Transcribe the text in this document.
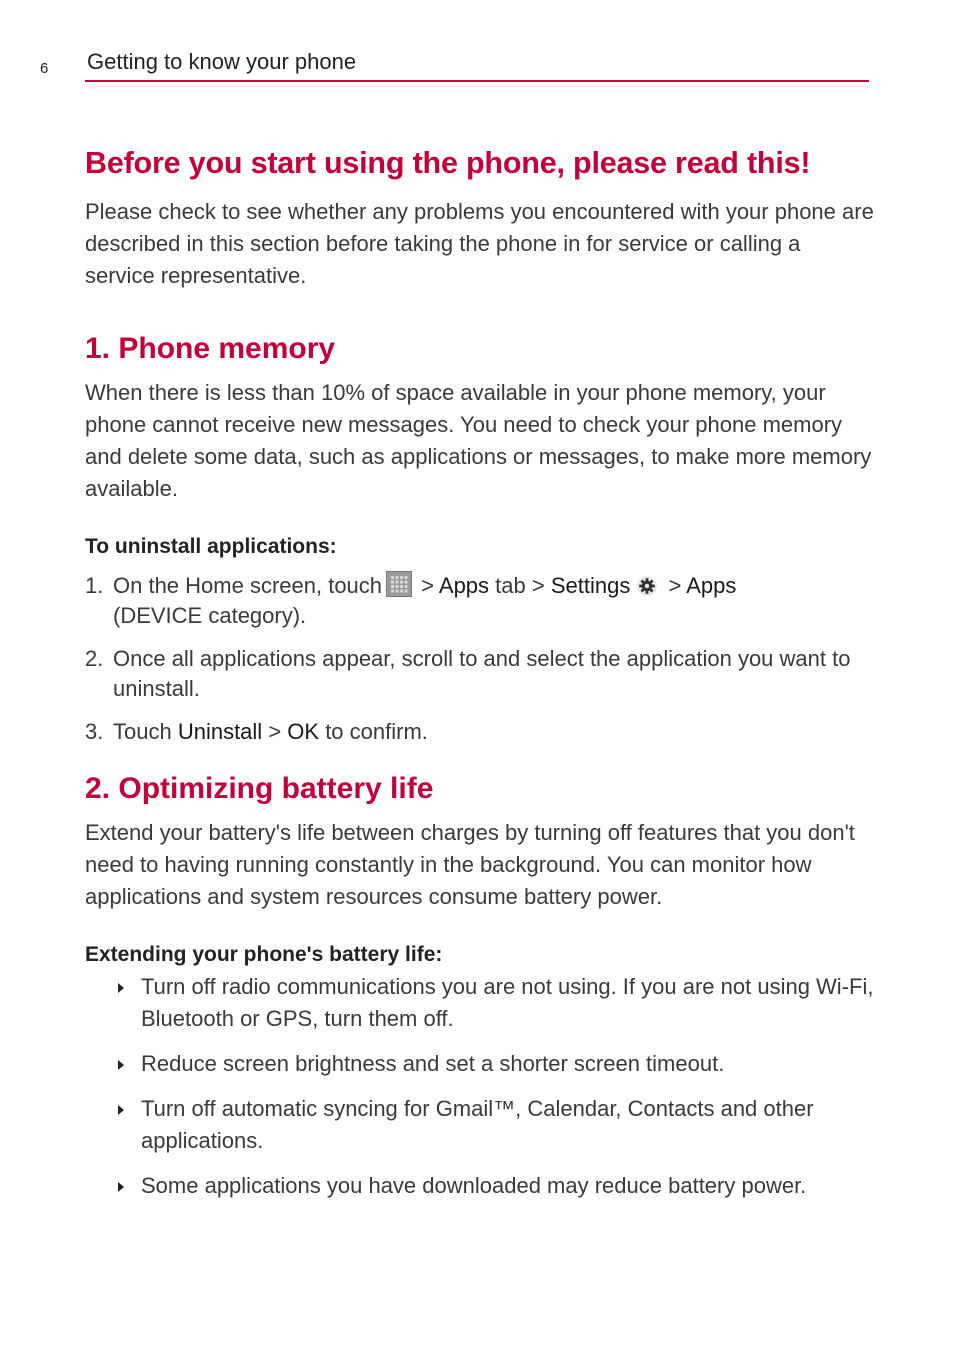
6 Getting to know your phone
Before you start using the phone, please read this!

Please check to see whether any problems you encountered with your phone are described in this section before taking the phone in for service or calling a service representative.

1. Phone memory

When there is less than 10% of space available in your phone memory, your phone cannot receive new messages. You need to check your phone memory and delete some data, such as applications or messages, to make more memory available.

To uninstall applications:
1. On the Home screen, touch
> Apps tab > Settings > Apps
(DEVICE category).
2. Once all applications appear, scroll to and select the application you want to uninstall.
3. Touch Uninstall > OK to confirm.
2. Optimizing battery life

Extend your battery's life between charges by turning off features that you don't need to having running constantly in the background. You can monitor how applications and system resources consume battery power.

Extending your phone's battery life:
Turn off radio communications you are not using. If you are not using Wi-Fi, Bluetooth or GPS, turn them off.
Reduce screen brightness and set a shorter screen timeout.
Turn off automatic syncing for Gmail™, Calendar, Contacts and other applications.
Some applications you have downloaded may reduce battery power.
